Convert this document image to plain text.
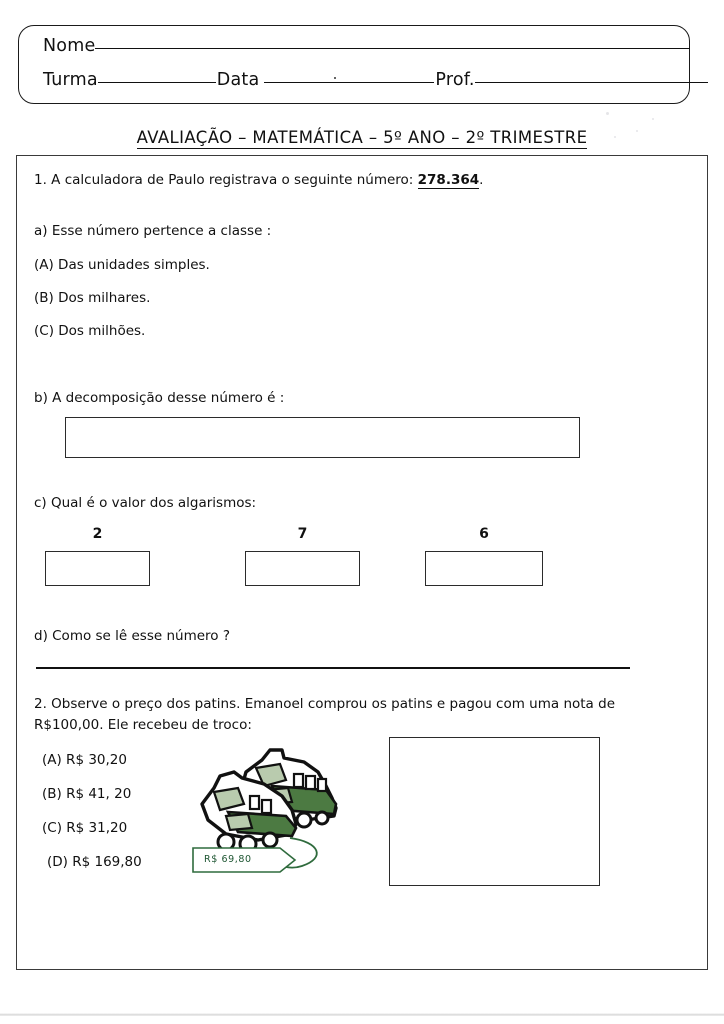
Nome
Turma	Data	Prof.
AVALIAÇÃO – MATEMÁTICA – 5º ANO – 2º TRIMESTRE
1. A calculadora de Paulo registrava o seguinte número: 278.364.
a) Esse número pertence a classe :
(A) Das unidades simples.
(B) Dos milhares.
(C) Dos milhões.
b) A decomposição desse número é :
c) Qual é o valor dos algarismos:
2	7	6
d) Como se lê esse número ?
2. Observe o preço dos patins. Emanoel comprou os patins e pagou com uma nota de R$100,00. Ele recebeu de troco:
(A) R$ 30,20
(B) R$ 41, 20
(C) R$ 31,20
(D) R$ 169,80	R$ 69,80
